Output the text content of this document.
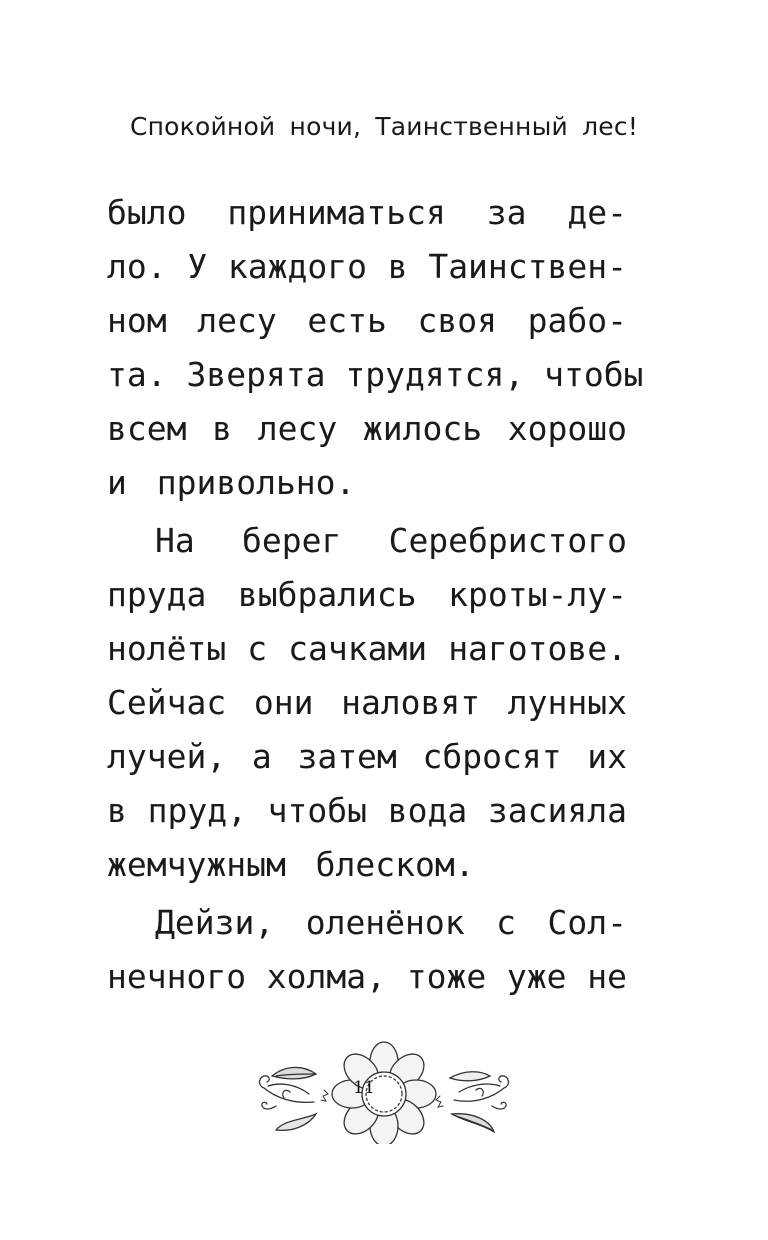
Спокойной ночи, Таинственный лес!
было приниматься за де-
ло. У каждого в Таинствен-
ном лесу есть своя рабо-
та. Зверята трудятся, чтобы
всем в лесу жилось хорошо
и привольно.
На берег Серебристого
пруда выбрались кроты-лу-
нолёты с сачками наготове.
Сейчас они наловят лунных
лучей, а затем сбросят их
в пруд, чтобы вода засияла
жемчужным блеском.
Дейзи, оленёнок с Сол-
нечного холма, тоже уже не
11
